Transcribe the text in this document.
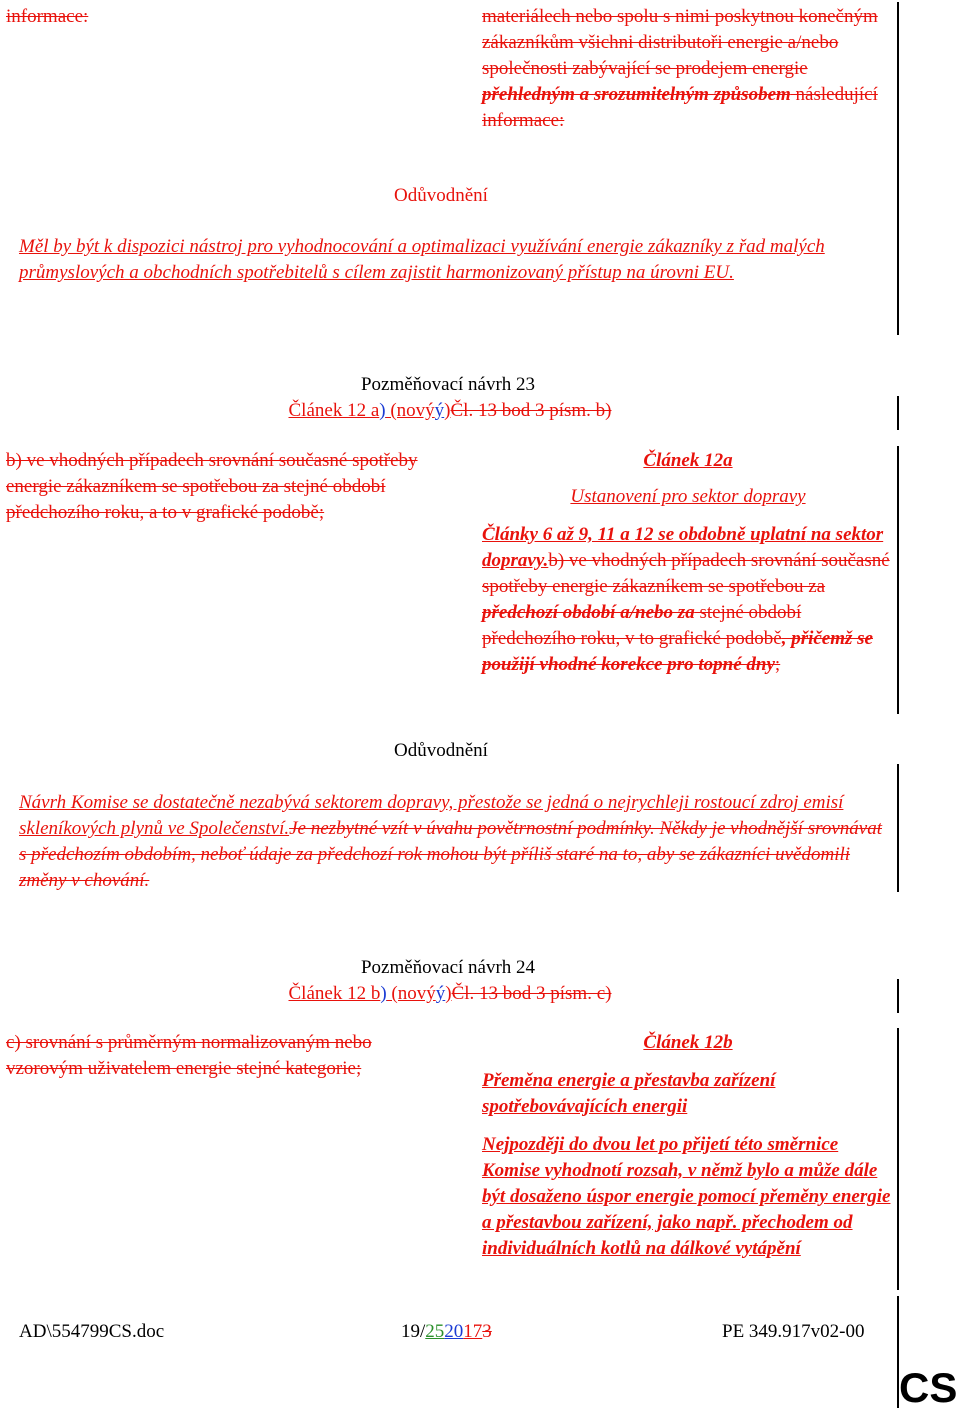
informace:	materiálech nebo spolu s nimi poskytnou konečným zákazníkům všichni distributoři energie a/nebo společnosti zabývající se prodejem energie přehledným a srozumitelným způsobem následující informace:
Odůvodnění
Měl by být k dispozici nástroj pro vyhodnocování a optimalizaci využívání energie zákazníky z řad malých průmyslových a obchodních spotřebitelů s cílem zajistit harmonizovaný přístup na úrovni EU.
Pozměňovací návrh 23
Článek 12 a) (novýý)Čl. 13 bod 3 písm. b)
b) ve vhodných případech srovnání současné spotřeby energie zákazníkem se spotřebou za stejné období předchozího roku, a to v grafické podobě;
Článek 12a
Ustanovení pro sektor dopravy
Články 6 až 9, 11 a 12 se obdobně uplatní na sektor dopravy.b) ve vhodných případech srovnání současné spotřeby energie zákazníkem se spotřebou za předchozí období a/nebo za stejné období předchozího roku, v to grafické podobě, přičemž se použijí vhodné korekce pro topné dny;
Odůvodnění
Návrh Komise se dostatečně nezabývá sektorem dopravy, přestože se jedná o nejrychleji rostoucí zdroj emisí skleníkových plynů ve Společenství.Je nezbytné vzít v úvahu povětrnostní podmínky. Někdy je vhodnější srovnávat s předchozím obdobím, neboť údaje za předchozí rok mohou být příliš staré na to, aby se zákazníci uvědomili změny v chování.
Pozměňovací návrh 24
Článek 12 b) (novýý)Čl. 13 bod 3 písm. c)
c) srovnání s průměrným normalizovaným nebo vzorovým uživatelem energie stejné kategorie;
Článek 12b
Přeměna energie a přestavba zařízení spotřebovávajících energii
Nejpozději do dvou let po přijetí této směrnice Komise vyhodnotí rozsah, v němž bylo a může dále být dosaženo úspor energie pomocí přeměny energie a přestavbou zařízení, jako např. přechodem od individuálních kotlů na dálkové vytápění
AD\554799CS.doc	19/2520173	PE 349.917v02-00
CS
